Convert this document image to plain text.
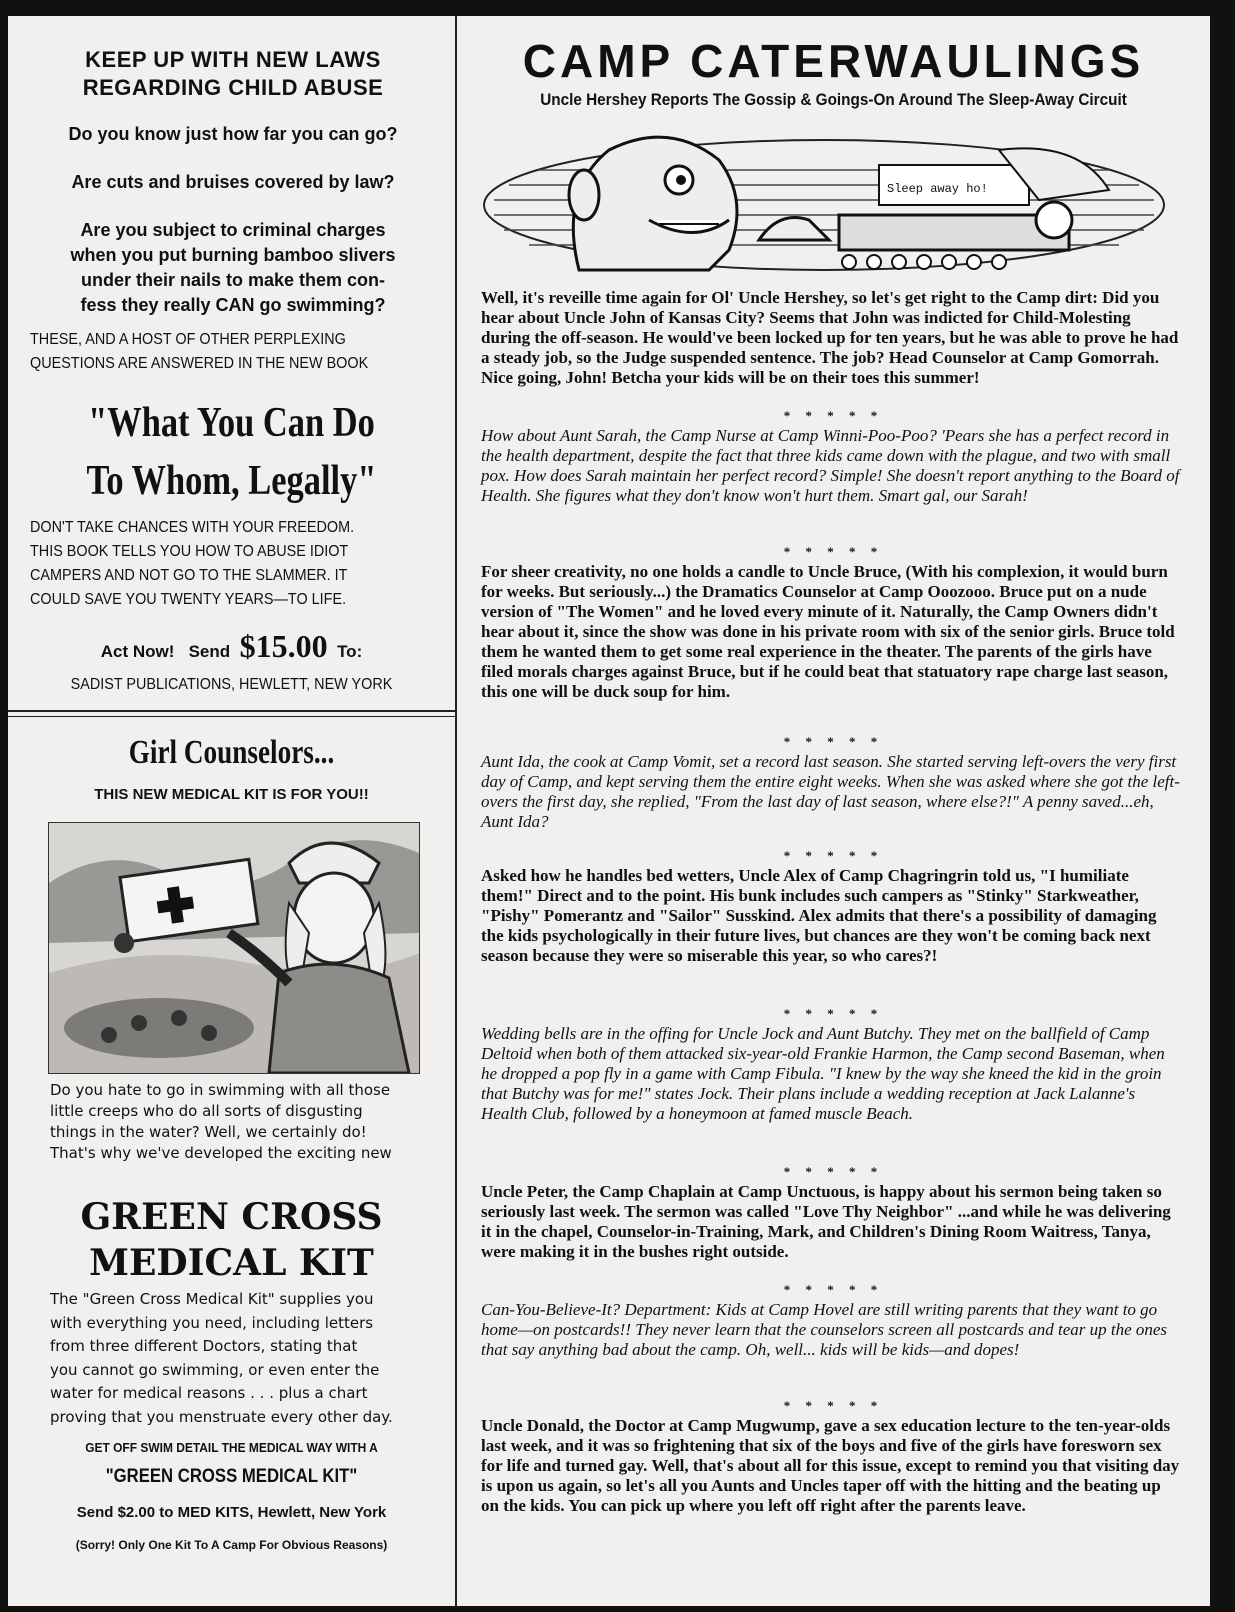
KEEP UP WITH NEW LAWS
REGARDING CHILD ABUSE
Do you know just how far you can go?
Are cuts and bruises covered by law?
Are you subject to criminal charges
when you put burning bamboo slivers
under their nails to make them con-
fess they really CAN go swimming?
THESE, AND A HOST OF OTHER PERPLEXING
QUESTIONS ARE ANSWERED IN THE NEW BOOK
"What You Can Do
To Whom, Legally"
DON'T TAKE CHANCES WITH YOUR FREEDOM.
THIS BOOK TELLS YOU HOW TO ABUSE IDIOT
CAMPERS AND NOT GO TO THE SLAMMER. IT
COULD SAVE YOU TWENTY YEARS—TO LIFE.
Act Now! Send $15.00 To:
SADIST PUBLICATIONS, HEWLETT, NEW YORK
Girl Counselors...
THIS NEW MEDICAL KIT IS FOR YOU!!
Do you hate to go in swimming with all those
little creeps who do all sorts of disgusting
things in the water? Well, we certainly do!
That's why we've developed the exciting new
GREEN CROSS
MEDICAL KIT
The "Green Cross Medical Kit" supplies you
with everything you need, including letters
from three different Doctors, stating that
you cannot go swimming, or even enter the
water for medical reasons . . . plus a chart
proving that you menstruate every other day.
GET OFF SWIM DETAIL THE MEDICAL WAY WITH A
"GREEN CROSS MEDICAL KIT"
Send $2.00 to MED KITS, Hewlett, New York
(Sorry! Only One Kit To A Camp For Obvious Reasons)
CAMP CATERWAULINGS
Uncle Hershey Reports The Gossip & Goings-On Around The Sleep-Away Circuit
Sleep away ho!
Well, it's reveille time again for Ol' Uncle Hershey, so let's get right to the Camp dirt: Did you hear about Uncle John of Kansas City? Seems that John was indicted for Child-Molesting during the off-season. He would've been locked up for ten years, but he was able to prove he had a steady job, so the Judge suspended sentence. The job? Head Counselor at Camp Gomorrah. Nice going, John! Betcha your kids will be on their toes this summer!
* * * * *
How about Aunt Sarah, the Camp Nurse at Camp Winni-Poo-Poo? 'Pears she has a perfect record in the health department, despite the fact that three kids came down with the plague, and two with small pox. How does Sarah maintain her perfect record? Simple! She doesn't report anything to the Board of Health. She figures what they don't know won't hurt them. Smart gal, our Sarah!
* * * * *
For sheer creativity, no one holds a candle to Uncle Bruce, (With his complexion, it would burn for weeks. But seriously...) the Dramatics Counselor at Camp Ooozooo. Bruce put on a nude version of "The Women" and he loved every minute of it. Naturally, the Camp Owners didn't hear about it, since the show was done in his private room with six of the senior girls. Bruce told them he wanted them to get some real experience in the theater. The parents of the girls have filed morals charges against Bruce, but if he could beat that statuatory rape charge last season, this one will be duck soup for him.
* * * * *
Aunt Ida, the cook at Camp Vomit, set a record last season. She started serving left-overs the very first day of Camp, and kept serving them the entire eight weeks. When she was asked where she got the left-overs the first day, she replied, "From the last day of last season, where else?!" A penny saved...eh, Aunt Ida?
* * * * *
Asked how he handles bed wetters, Uncle Alex of Camp Chagringrin told us, "I humiliate them!" Direct and to the point. His bunk includes such campers as "Stinky" Starkweather, "Pishy" Pomerantz and "Sailor" Susskind. Alex admits that there's a possibility of damaging the kids psychologically in their future lives, but chances are they won't be coming back next season because they were so miserable this year, so who cares?!
* * * * *
Wedding bells are in the offing for Uncle Jock and Aunt Butchy. They met on the ballfield of Camp Deltoid when both of them attacked six-year-old Frankie Harmon, the Camp second Baseman, when he dropped a pop fly in a game with Camp Fibula. "I knew by the way she kneed the kid in the groin that Butchy was for me!" states Jock. Their plans include a wedding reception at Jack Lalanne's Health Club, followed by a honeymoon at famed muscle Beach.
* * * * *
Uncle Peter, the Camp Chaplain at Camp Unctuous, is happy about his sermon being taken so seriously last week. The sermon was called "Love Thy Neighbor" ...and while he was delivering it in the chapel, Counselor-in-Training, Mark, and Children's Dining Room Waitress, Tanya, were making it in the bushes right outside.
* * * * *
Can-You-Believe-It? Department: Kids at Camp Hovel are still writing parents that they want to go home—on postcards!! They never learn that the counselors screen all postcards and tear up the ones that say anything bad about the camp. Oh, well... kids will be kids—and dopes!
* * * * *
Uncle Donald, the Doctor at Camp Mugwump, gave a sex education lecture to the ten-year-olds last week, and it was so frightening that six of the boys and five of the girls have foresworn sex for life and turned gay. Well, that's about all for this issue, except to remind you that visiting day is upon us again, so let's all you Aunts and Uncles taper off with the hitting and the beating up on the kids. You can pick up where you left off right after the parents leave.
